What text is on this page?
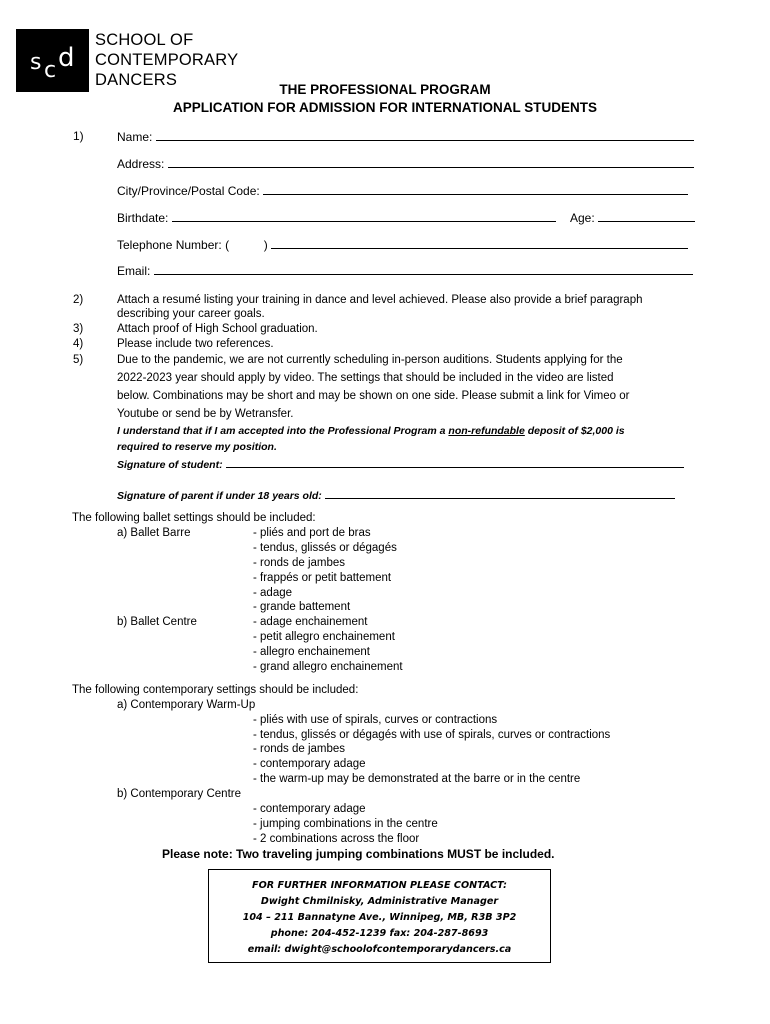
s c d
SCHOOL OF
CONTEMPORARY
DANCERS
THE PROFESSIONAL PROGRAM
APPLICATION FOR ADMISSION FOR INTERNATIONAL STUDENTS
1)	Name:
Address:
City/Province/Postal Code:
Birthdate:	Age:
Telephone Number: (	)
Email:
2)	Attach a resumé listing your training in dance and level achieved. Please also provide a brief paragraph
describing your career goals.
3)	Attach proof of High School graduation.
4)	Please include two references.
5)	Due to the pandemic, we are not currently scheduling in-person auditions. Students applying for the
2022-2023 year should apply by video. The settings that should be included in the video are listed
below. Combinations may be short and may be shown on one side. Please submit a link for Vimeo or
Youtube or send be by Wetransfer.
I understand that if I am accepted into the Professional Program a non-refundable deposit of $2,000 is
required to reserve my position.
Signature of student:
Signature of parent if under 18 years old:
The following ballet settings should be included:
a) Ballet Barre	- pliés and port de bras
- tendus, glissés or dégagés
- ronds de jambes
- frappés or petit battement
- adage
- grande battement
b) Ballet Centre	- adage enchainement
- petit allegro enchainement
- allegro enchainement
- grand allegro enchainement
The following contemporary settings should be included:
a) Contemporary Warm-Up
- pliés with use of spirals, curves or contractions
- tendus, glissés or dégagés with use of spirals, curves or contractions
- ronds de jambes
- contemporary adage
- the warm-up may be demonstrated at the barre or in the centre
b) Contemporary Centre
- contemporary adage
- jumping combinations in the centre
- 2 combinations across the floor
Please note: Two traveling jumping combinations MUST be included.
FOR FURTHER INFORMATION PLEASE CONTACT:
Dwight Chmilnisky, Administrative Manager
104 – 211 Bannatyne Ave., Winnipeg, MB, R3B 3P2
phone: 204-452-1239 fax: 204-287-8693
email: dwight@schoolofcontemporarydancers.ca
